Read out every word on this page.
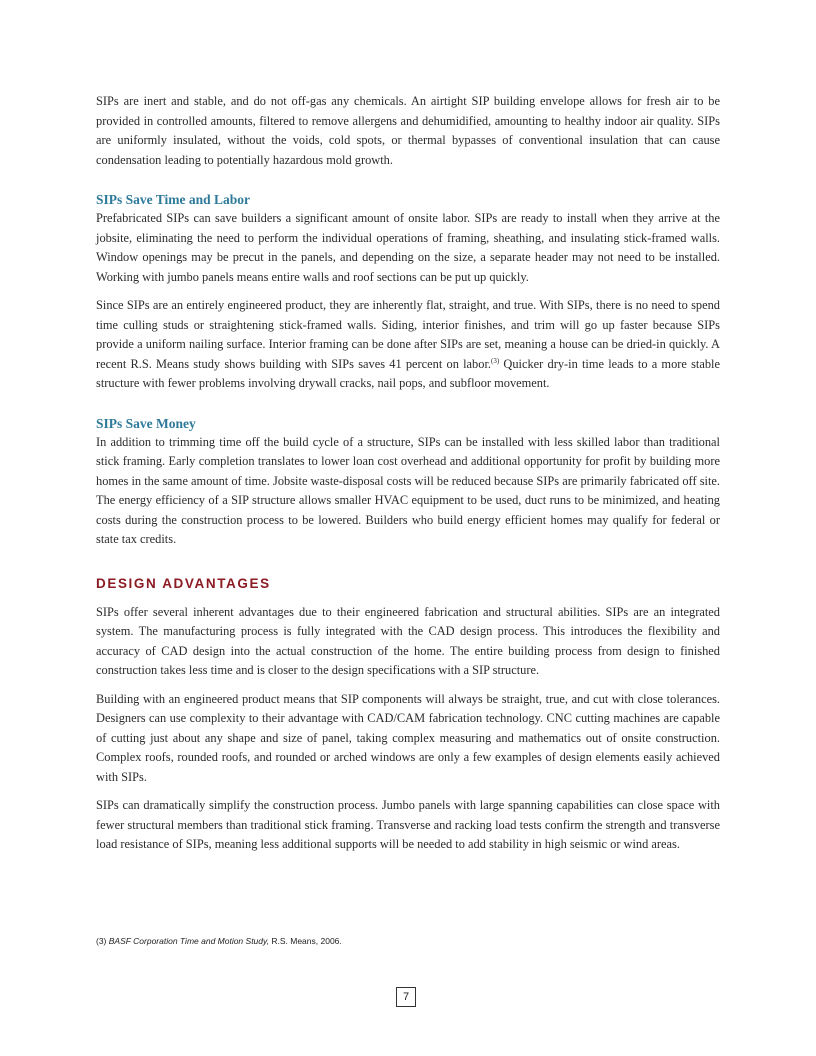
SIPs are inert and stable, and do not off-gas any chemicals. An airtight SIP building envelope allows for fresh air to be provided in controlled amounts, filtered to remove allergens and dehumidified, amounting to healthy indoor air quality. SIPs are uniformly insulated, without the voids, cold spots, or thermal bypasses of conventional insulation that can cause condensation leading to potentially hazardous mold growth.

SIPs Save Time and Labor

Prefabricated SIPs can save builders a significant amount of onsite labor. SIPs are ready to install when they arrive at the jobsite, eliminating the need to perform the individual operations of framing, sheathing, and insulating stick-framed walls. Window openings may be precut in the panels, and depending on the size, a separate header may not need to be installed. Working with jumbo panels means entire walls and roof sections can be put up quickly.

Since SIPs are an entirely engineered product, they are inherently flat, straight, and true. With SIPs, there is no need to spend time culling studs or straightening stick-framed walls. Siding, interior finishes, and trim will go up faster because SIPs provide a uniform nailing surface. Interior framing can be done after SIPs are set, meaning a house can be dried-in quickly. A recent R.S. Means study shows building with SIPs saves 41 percent on labor.$^{(3)}$ Quicker dry-in time leads to a more stable structure with fewer problems involving drywall cracks, nail pops, and subfloor movement.

SIPs Save Money

In addition to trimming time off the build cycle of a structure, SIPs can be installed with less skilled labor than traditional stick framing. Early completion translates to lower loan cost overhead and additional opportunity for profit by building more homes in the same amount of time. Jobsite waste-disposal costs will be reduced because SIPs are primarily fabricated off site. The energy efficiency of a SIP structure allows smaller HVAC equipment to be used, duct runs to be minimized, and heating costs during the construction process to be lowered. Builders who build energy efficient homes may qualify for federal or state tax credits.

DESIGN ADVANTAGES

SIPs offer several inherent advantages due to their engineered fabrication and structural abilities. SIPs are an integrated system. The manufacturing process is fully integrated with the CAD design process. This introduces the flexibility and accuracy of CAD design into the actual construction of the home. The entire building process from design to finished construction takes less time and is closer to the design specifications with a SIP structure.

Building with an engineered product means that SIP components will always be straight, true, and cut with close tolerances. Designers can use complexity to their advantage with CAD/CAM fabrication technology. CNC cutting machines are capable of cutting just about any shape and size of panel, taking complex measuring and mathematics out of onsite construction. Complex roofs, rounded roofs, and rounded or arched windows are only a few examples of design elements easily achieved with SIPs.

SIPs can dramatically simplify the construction process. Jumbo panels with large spanning capabilities can close space with fewer structural members than traditional stick framing. Transverse and racking load tests confirm the strength and transverse load resistance of SIPs, meaning less additional supports will be needed to add stability in high seismic or wind areas.

(3) BASF Corporation Time and Motion Study, R.S. Means, 2006.
7
